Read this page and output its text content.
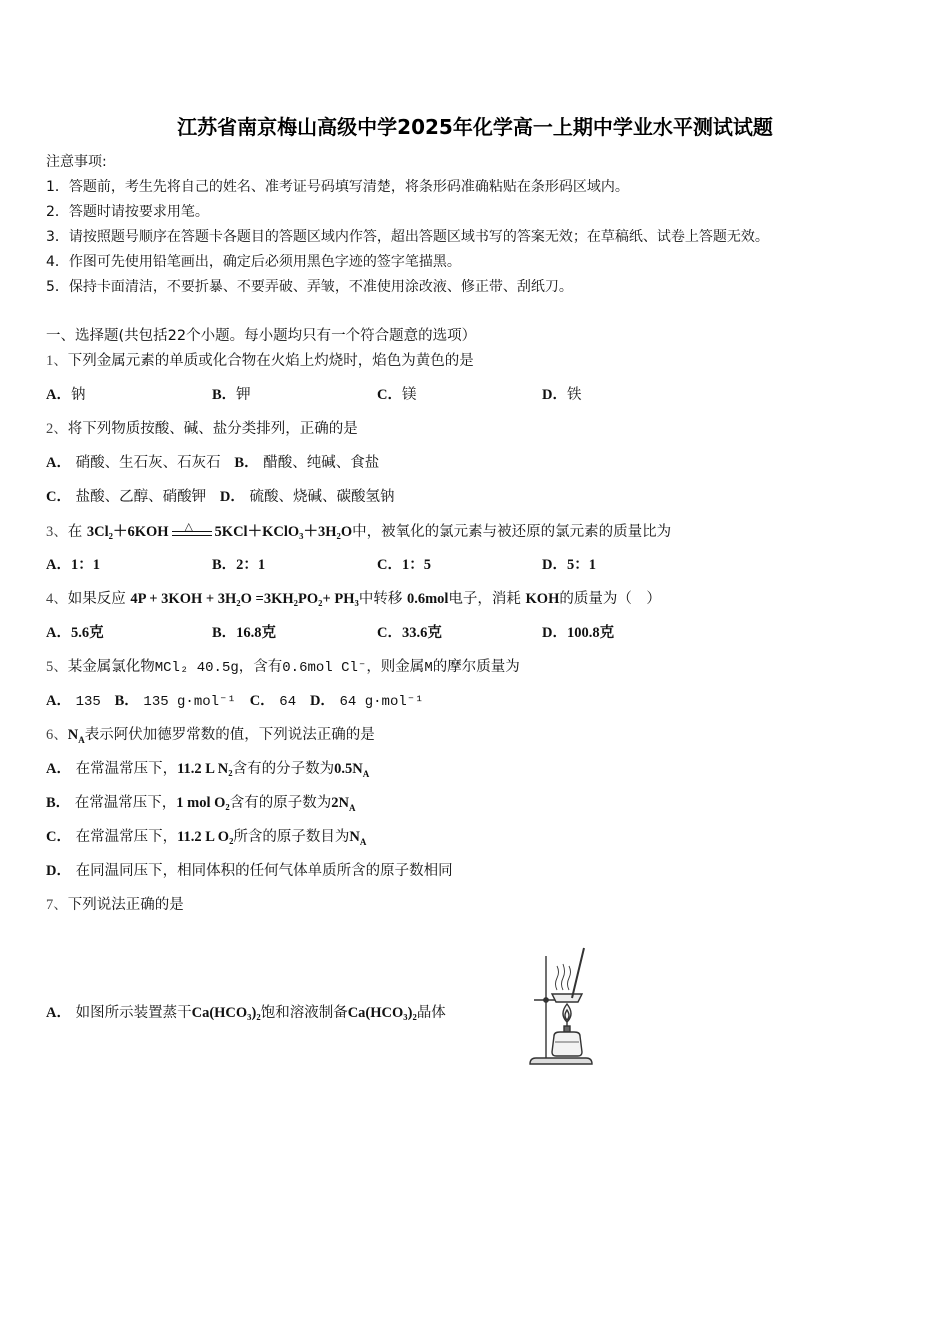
江苏省南京梅山高级中学2025年化学高一上期中学业水平测试试题
注意事项:
1．答题前，考生先将自己的姓名、准考证号码填写清楚，将条形码准确粘贴在条形码区域内。
2．答题时请按要求用笔。
3．请按照题号顺序在答题卡各题目的答题区域内作答，超出答题区域书写的答案无效；在草稿纸、试卷上答题无效。
4．作图可先使用铅笔画出，确定后必须用黑色字迹的签字笔描黑。
5．保持卡面清洁，不要折暴、不要弄破、弄皱，不准使用涂改液、修正带、刮纸刀。
一、选择题(共包括22个小题。每小题均只有一个符合题意的选项）
1、下列金属元素的单质或化合物在火焰上灼烧时，焰色为黄色的是
A．钠	B．钾	C．镁	D．铁
2、将下列物质按酸、碱、盐分类排列，正确的是
A． 硝酸、生石灰、石灰石 B． 醋酸、纯碱、食盐
C． 盐酸、乙醇、硝酸钾 D． 硫酸、烧碱、碳酸氢钠
3、在 3Cl₂＋6KOH △ 5KCl＋KClO₃＋3H₂O中，被氧化的氯元素与被还原的氯元素的质量比为
A．1：1	B．2：1	C．1：5	D．5：1
4、如果反应 4P + 3KOH + 3H₂O =3KH₂PO₂+ PH₃中转移 0.6mol电子，消耗 KOH的质量为（　）
A．5.6克	B．16.8克	C．33.6克	D．100.8克
5、某金属氯化物MCl₂ 40.5g，含有0.6mol Cl⁻，则金属M的摩尔质量为
A． 135 B． 135 g·mol⁻¹ C． 64 D． 64 g·mol⁻¹
6、$N_A$表示阿伏加德罗常数的值，下列说法正确的是
A． 在常温常压下，11.2 L N₂含有的分子数为$0.5N_A$
B． 在常温常压下，1 mol O₂含有的原子数为$2N_A$
C． 在常温常压下，11.2 L O₂所含的原子数目为$N_A$
D． 在同温同压下，相同体积的任何气体单质所含的原子数相同
7、下列说法正确的是
A． 如图所示装置蒸干Ca(HCO₃)₂饱和溶液制备Ca(HCO₃)₂晶体
